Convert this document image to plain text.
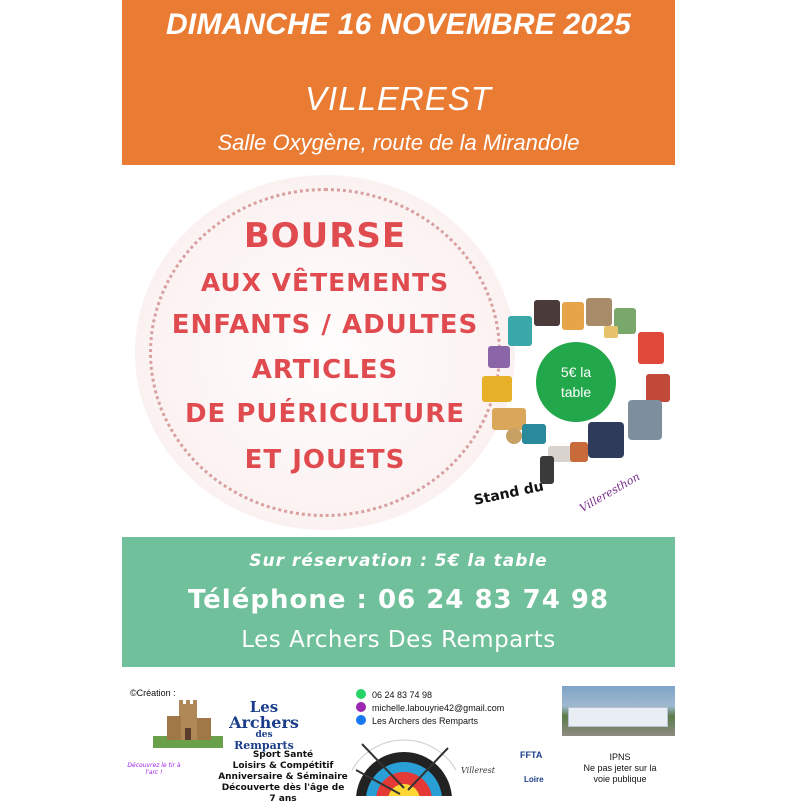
DIMANCHE 16 NOVEMBRE 2025
VILLEREST
Salle Oxygène, route de la Mirandole
BOURSE
AUX VÊTEMENTS
ENFANTS / ADULTES
ARTICLES
DE PUÉRICULTURE
ET JOUETS
5€ la
table
Stand du	Villeresthon
Sur réservation : 5€ la table
Téléphone : 06 24 83 74 98
Les Archers Des Remparts
©Création :
Les
Archers
des
Remparts
Sport Santé
Loisirs & Compétitif
Anniversaire & Séminaire
Découverte dès l'âge de 7 ans
Découvrez le tir à l'arc !
06 24 83 74 98
michelle.labouyrie42@gmail.com
Les Archers des Remparts
Villerest
FFTA
Loire
IPNS
Ne pas jeter sur la
voie publique
